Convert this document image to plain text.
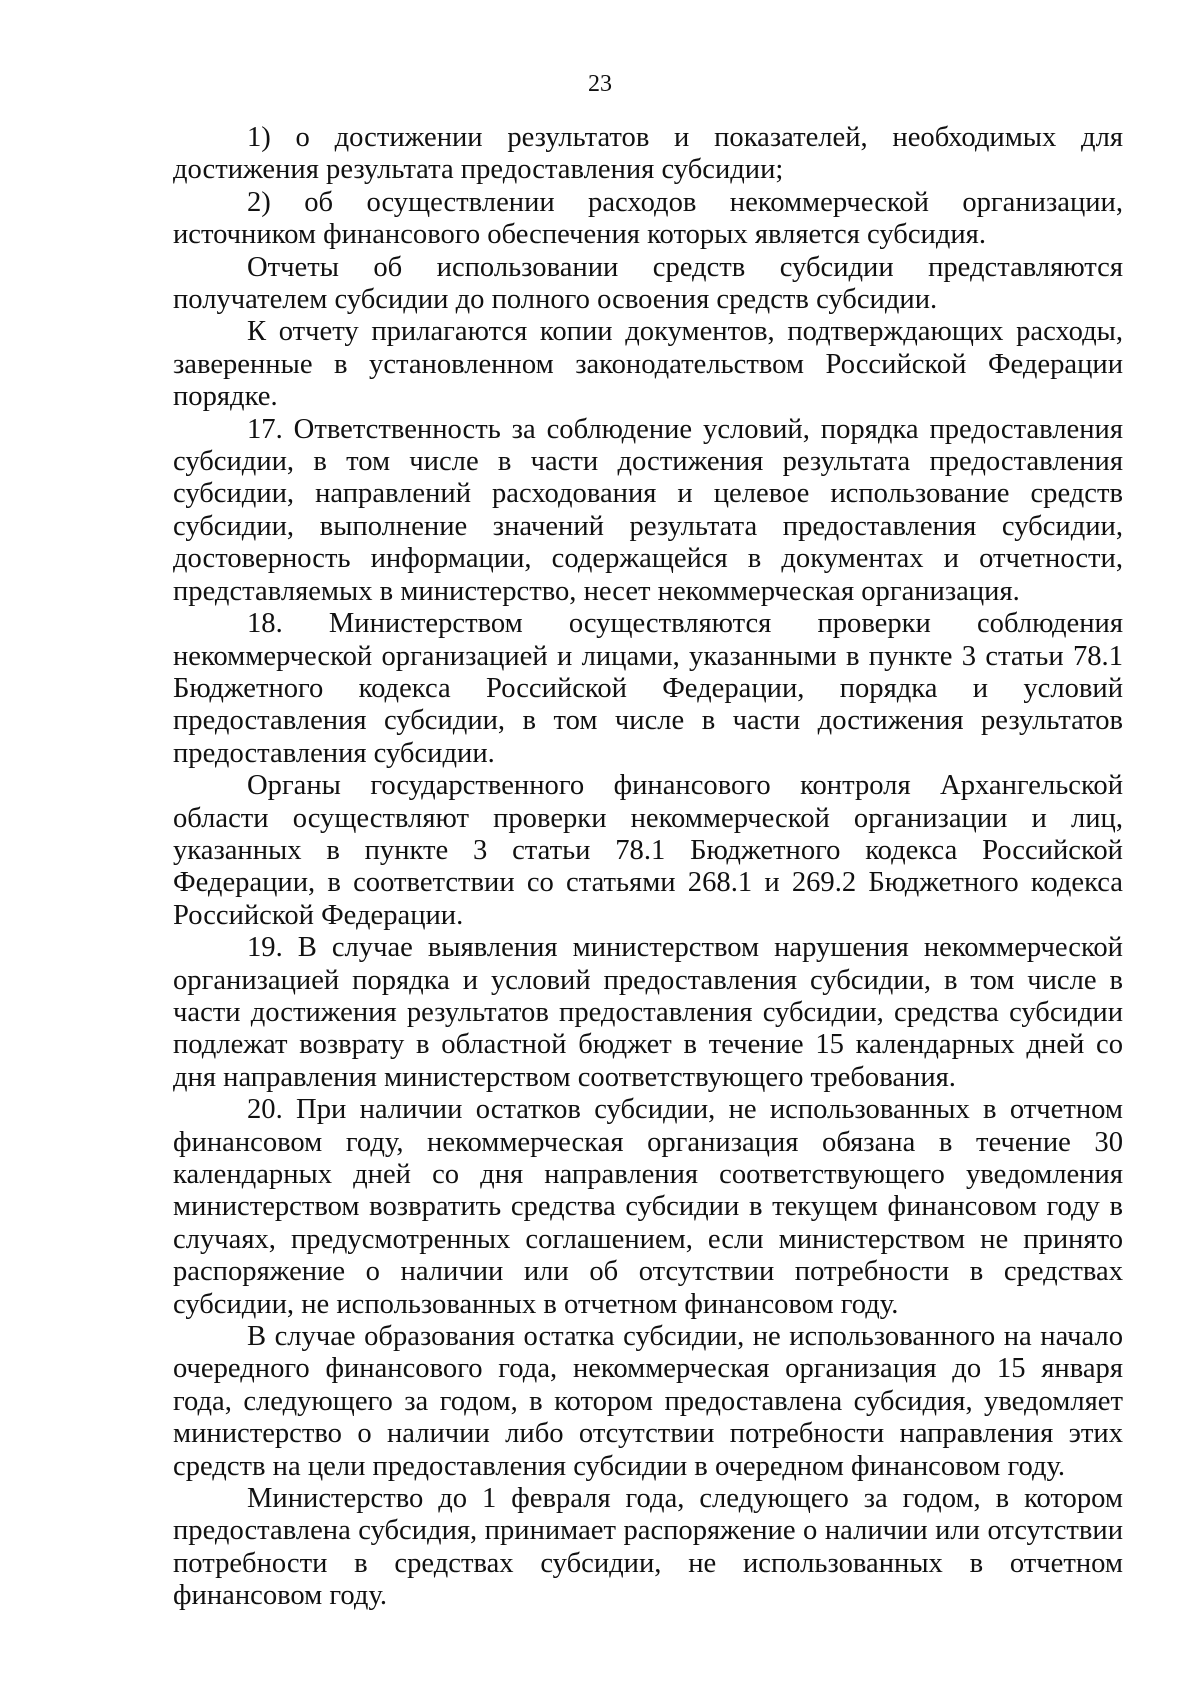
23

1) о достижении результатов и показателей, необходимых для достижения результата предоставления субсидии;

2) об осуществлении расходов некоммерческой организации, источником финансового обеспечения которых является субсидия.

Отчеты об использовании средств субсидии представляются получателем субсидии до полного освоения средств субсидии.

К отчету прилагаются копии документов, подтверждающих расходы, заверенные в установленном законодательством Российской Федерации порядке.

17. Ответственность за соблюдение условий, порядка предоставления субсидии, в том числе в части достижения результата предоставления субсидии, направлений расходования и целевое использование средств субсидии, выполнение значений результата предоставления субсидии, достоверность информации, содержащейся в документах и отчетности, представляемых в министерство, несет некоммерческая организация.

18. Министерством осуществляются проверки соблюдения некоммерческой организацией и лицами, указанными в пункте 3 статьи 78.1 Бюджетного кодекса Российской Федерации, порядка и условий предоставления субсидии, в том числе в части достижения результатов предоставления субсидии.

Органы государственного финансового контроля Архангельской области осуществляют проверки некоммерческой организации и лиц, указанных в пункте 3 статьи 78.1 Бюджетного кодекса Российской Федерации, в соответствии со статьями 268.1 и 269.2 Бюджетного кодекса Российской Федерации.

19. В случае выявления министерством нарушения некоммерческой организацией порядка и условий предоставления субсидии, в том числе в части достижения результатов предоставления субсидии, средства субсидии подлежат возврату в областной бюджет в течение 15 календарных дней со дня направления министерством соответствующего требования.

20. При наличии остатков субсидии, не использованных в отчетном финансовом году, некоммерческая организация обязана в течение 30 календарных дней со дня направления соответствующего уведомления министерством возвратить средства субсидии в текущем финансовом году в случаях, предусмотренных соглашением, если министерством не принято распоряжение о наличии или об отсутствии потребности в средствах субсидии, не использованных в отчетном финансовом году.

В случае образования остатка субсидии, не использованного на начало очередного финансового года, некоммерческая организация до 15 января года, следующего за годом, в котором предоставлена субсидия, уведомляет министерство о наличии либо отсутствии потребности направления этих средств на цели предоставления субсидии в очередном финансовом году.

Министерство до 1 февраля года, следующего за годом, в котором предоставлена субсидия, принимает распоряжение о наличии или отсутствии потребности в средствах субсидии, не использованных в отчетном финансовом году.
